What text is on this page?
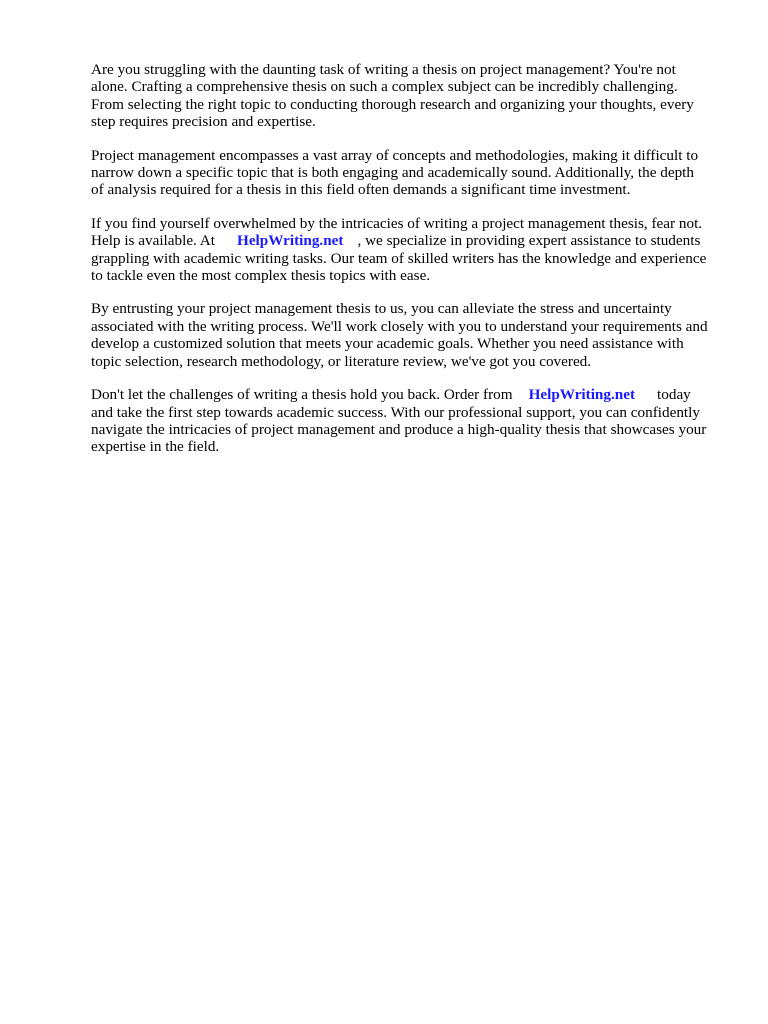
Are you struggling with the daunting task of writing a thesis on project management? You're not
alone. Crafting a comprehensive thesis on such a complex subject can be incredibly challenging.
From selecting the right topic to conducting thorough research and organizing your thoughts, every
step requires precision and expertise.

Project management encompasses a vast array of concepts and methodologies, making it difficult to
narrow down a specific topic that is both engaging and academically sound. Additionally, the depth
of analysis required for a thesis in this field often demands a significant time investment.

If you find yourself overwhelmed by the intricacies of writing a project management thesis, fear not.
Help is available. At HelpWriting.net , we specialize in providing expert assistance to students
grappling with academic writing tasks. Our team of skilled writers has the knowledge and experience
to tackle even the most complex thesis topics with ease.

By entrusting your project management thesis to us, you can alleviate the stress and uncertainty
associated with the writing process. We'll work closely with you to understand your requirements and
develop a customized solution that meets your academic goals. Whether you need assistance with
topic selection, research methodology, or literature review, we've got you covered.

Don't let the challenges of writing a thesis hold you back. Order from HelpWriting.net today
and take the first step towards academic success. With our professional support, you can confidently
navigate the intricacies of project management and produce a high-quality thesis that showcases your
expertise in the field.
